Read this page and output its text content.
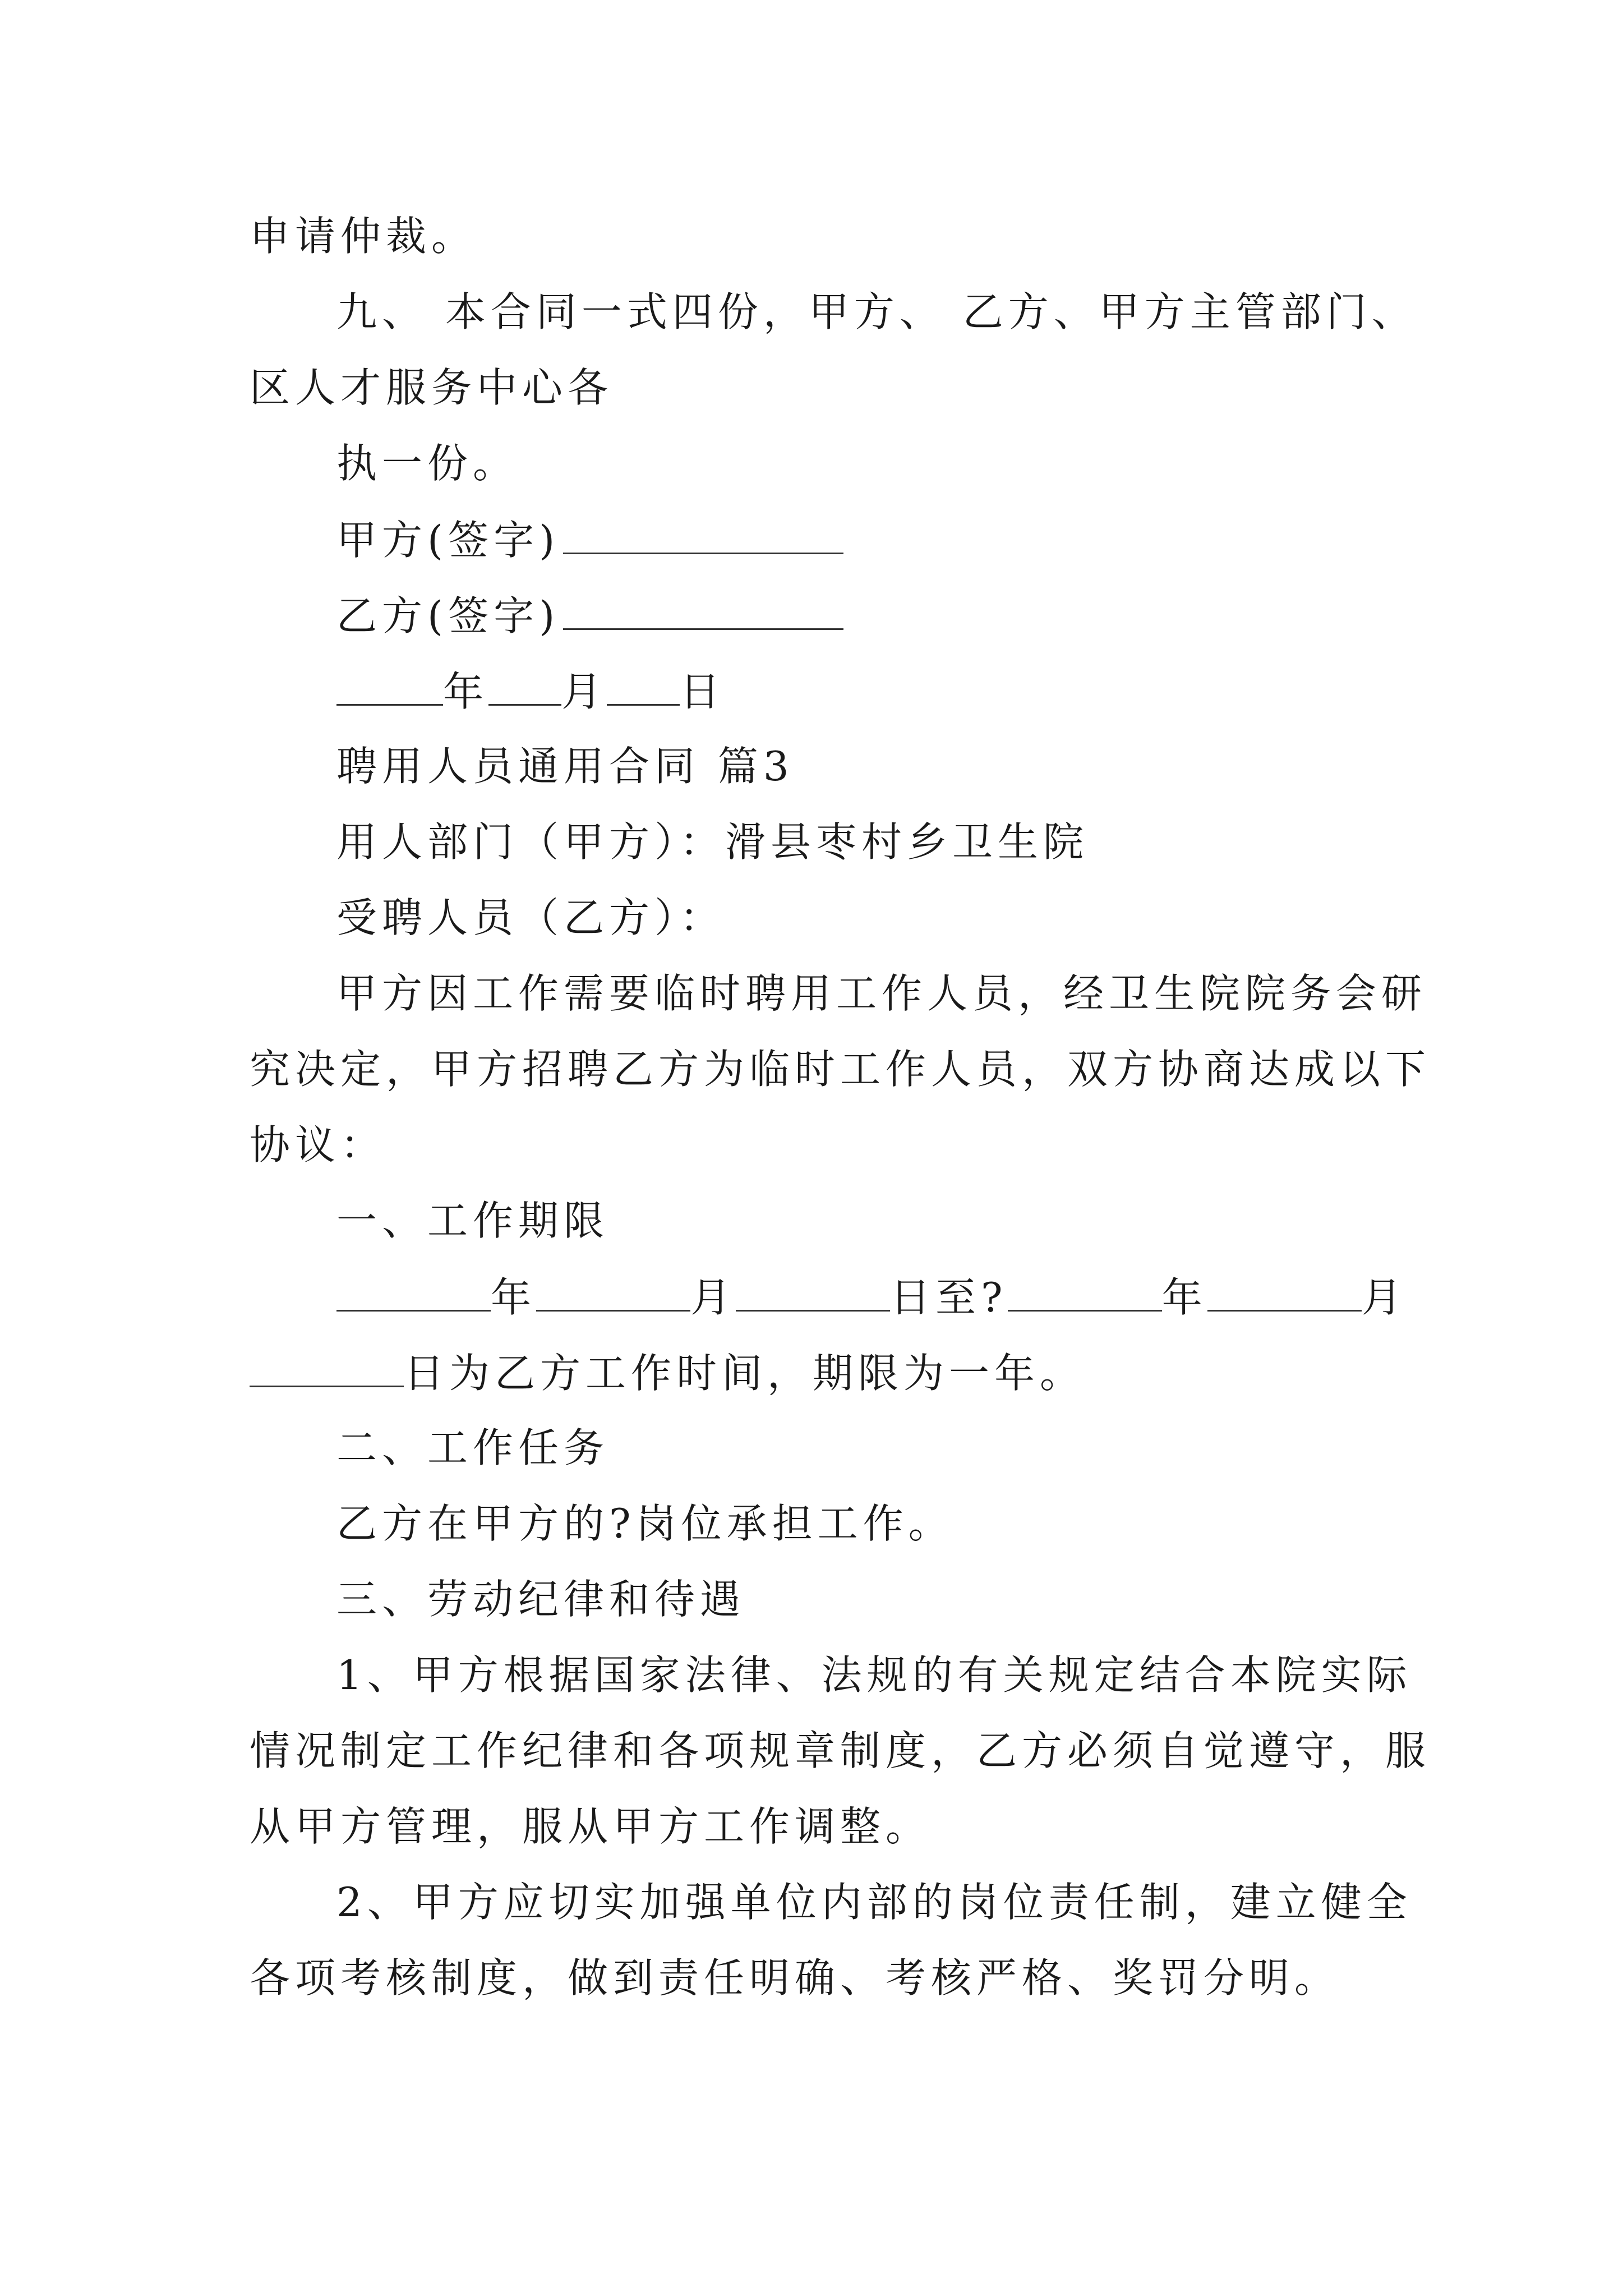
申请仲裁。
九、 本合同一式四份，甲方、 乙方、甲方主管部门、
区人才服务中心各
执一份。
甲方(签字)
乙方(签字)
年 月 日
聘用人员通用合同 篇3
用人部门（甲方）：滑县枣村乡卫生院
受聘人员（乙方）：
甲方因工作需要临时聘用工作人员，经卫生院院务会研
究决定，甲方招聘乙方为临时工作人员，双方协商达成以下
协议：
一、工作期限
年	月	日至?	年	月
日为乙方工作时间，期限为一年。
二、工作任务
乙方在甲方的?岗位承担工作。
三、劳动纪律和待遇
1、甲方根据国家法律、法规的有关规定结合本院实际
情况制定工作纪律和各项规章制度，乙方必须自觉遵守，服
从甲方管理，服从甲方工作调整。
2、甲方应切实加强单位内部的岗位责任制，建立健全
各项考核制度，做到责任明确、考核严格、奖罚分明。
